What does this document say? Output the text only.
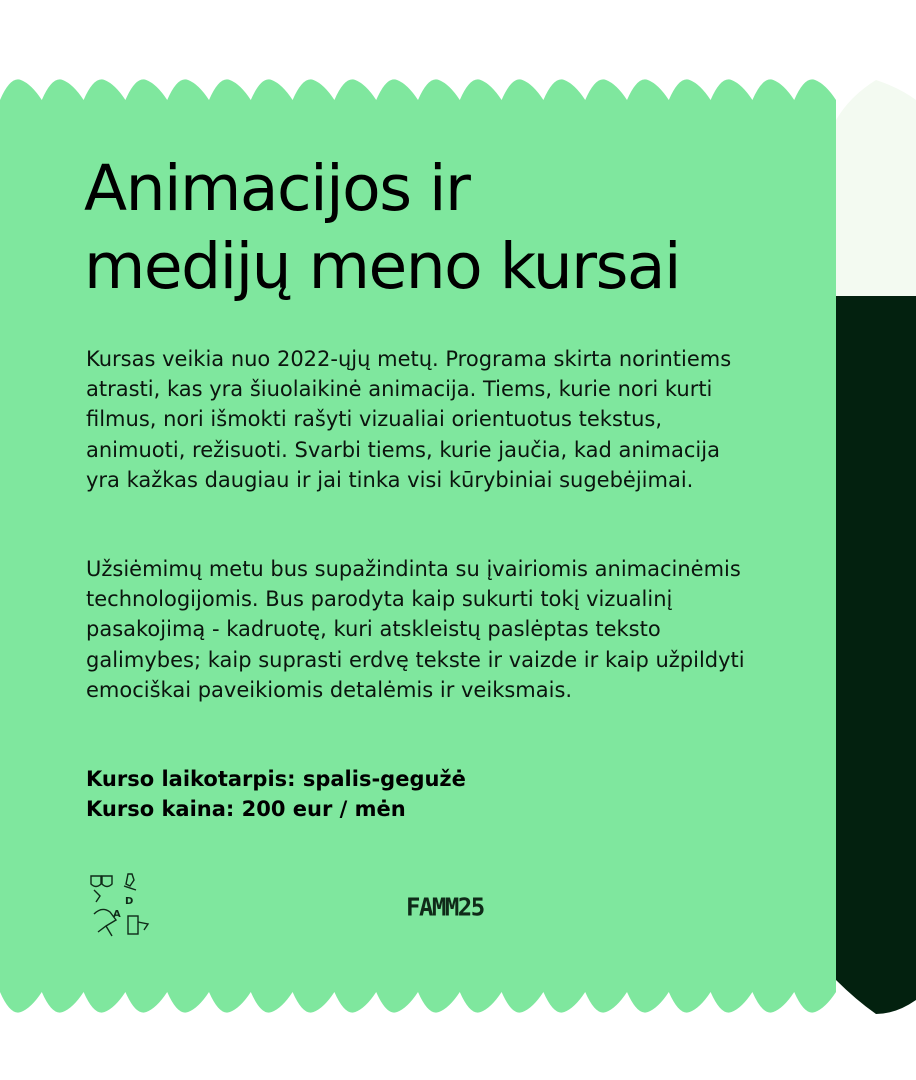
Animacijos ir
medijų meno kursai

Kursas veikia nuo 2022-ųjų metų. Programa skirta norintiems atrasti, kas yra šiuolaikinė animacija. Tiems, kurie nori kurti filmus, nori išmokti rašyti vizualiai orientuotus tekstus, animuoti, režisuoti. Svarbi tiems, kurie jaučia, kad animacija yra kažkas daugiau ir jai tinka visi kūrybiniai sugebėjimai.

Užsiėmimų metu bus supažindinta su įvairiomis animacinėmis technologijomis. Bus parodyta kaip sukurti tokį vizualinį pasakojimą - kadruotę, kuri atskleistų paslėptas teksto galimybes; kaip suprasti erdvę tekste ir vaizde ir kaip užpildyti emociškai paveikiomis detalėmis ir veiksmais.

Kurso laikotarpis: spalis-gegužė
Kurso kaina: 200 eur / mėn
D
A	FAMM25
